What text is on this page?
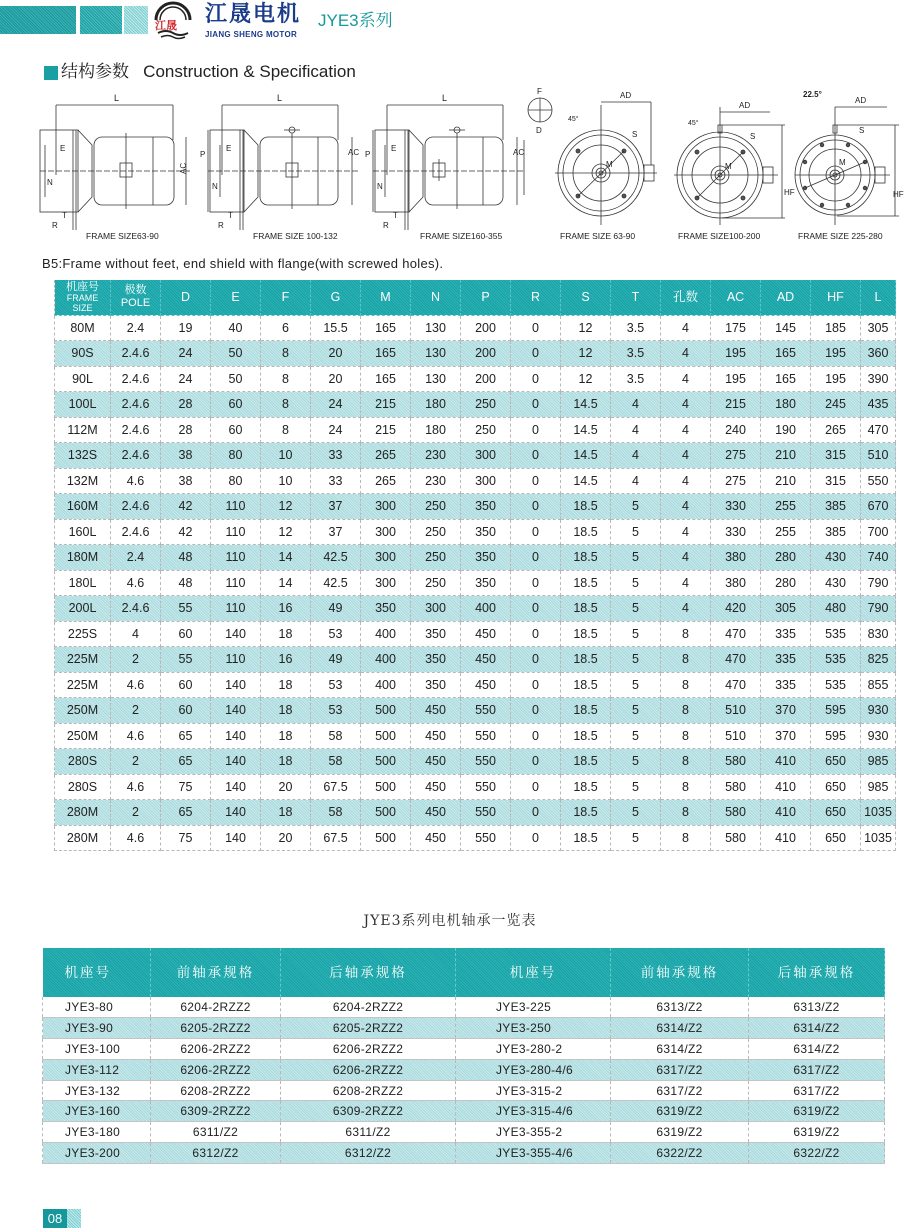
江晟 江晟电机
JIANG SHENG MOTOR
JYE3系列
结构参数   Construction & Specification
L
AC
N
E
T
R
FRAME SIZE63-90
L
P	AC
N
E
T
R
FRAME SIZE 100-132
L
P	AC
N
E
T
R
FRAME SIZE160-355
F
D
AD
M
45°
S
FRAME SIZE 63-90
AD
HF
M
45°
S
FRAME SIZE100-200
AD
HF
M
22.5°
S
FRAME SIZE 225-280
B5:Frame without feet, end shield with flange(with screwed holes).
机座号
FRAME
SIZE	极数
POLE	D	E	F	G	M	N	P	R	S	T	孔数	AC	AD	HF	L
80M	2.4	19	40	6	15.5	165	130	200	0	12	3.5	4	175	145	185	305
90S	2.4.6	24	50	8	20	165	130	200	0	12	3.5	4	195	165	195	360
90L	2.4.6	24	50	8	20	165	130	200	0	12	3.5	4	195	165	195	390
100L	2.4.6	28	60	8	24	215	180	250	0	14.5	4	4	215	180	245	435
112M	2.4.6	28	60	8	24	215	180	250	0	14.5	4	4	240	190	265	470
132S	2.4.6	38	80	10	33	265	230	300	0	14.5	4	4	275	210	315	510
132M	4.6	38	80	10	33	265	230	300	0	14.5	4	4	275	210	315	550
160M	2.4.6	42	110	12	37	300	250	350	0	18.5	5	4	330	255	385	670
160L	2.4.6	42	110	12	37	300	250	350	0	18.5	5	4	330	255	385	700
180M	2.4	48	110	14	42.5	300	250	350	0	18.5	5	4	380	280	430	740
180L	4.6	48	110	14	42.5	300	250	350	0	18.5	5	4	380	280	430	790
200L	2.4.6	55	110	16	49	350	300	400	0	18.5	5	4	420	305	480	790
225S	4	60	140	18	53	400	350	450	0	18.5	5	8	470	335	535	830
225M	2	55	110	16	49	400	350	450	0	18.5	5	8	470	335	535	825
225M	4.6	60	140	18	53	400	350	450	0	18.5	5	8	470	335	535	855
250M	2	60	140	18	53	500	450	550	0	18.5	5	8	510	370	595	930
250M	4.6	65	140	18	58	500	450	550	0	18.5	5	8	510	370	595	930
280S	2	65	140	18	58	500	450	550	0	18.5	5	8	580	410	650	985
280S	4.6	75	140	20	67.5	500	450	550	0	18.5	5	8	580	410	650	985
280M	2	65	140	18	58	500	450	550	0	18.5	5	8	580	410	650	1035
280M	4.6	75	140	20	67.5	500	450	550	0	18.5	5	8	580	410	650	1035
JYE3系列电机轴承一览表
机座号	前轴承规格	后轴承规格	机座号	前轴承规格	后轴承规格
JYE3-80	6204-2RZZ2	6204-2RZZ2	JYE3-225	6313/Z2	6313/Z2
JYE3-90	6205-2RZZ2	6205-2RZZ2	JYE3-250	6314/Z2	6314/Z2
JYE3-100	6206-2RZZ2	6206-2RZZ2	JYE3-280-2	6314/Z2	6314/Z2
JYE3-112	6206-2RZZ2	6206-2RZZ2	JYE3-280-4/6	6317/Z2	6317/Z2
JYE3-132	6208-2RZZ2	6208-2RZZ2	JYE3-315-2	6317/Z2	6317/Z2
JYE3-160	6309-2RZZ2	6309-2RZZ2	JYE3-315-4/6	6319/Z2	6319/Z2
JYE3-180	6311/Z2	6311/Z2	JYE3-355-2	6319/Z2	6319/Z2
JYE3-200	6312/Z2	6312/Z2	JYE3-355-4/6	6322/Z2	6322/Z2
08
